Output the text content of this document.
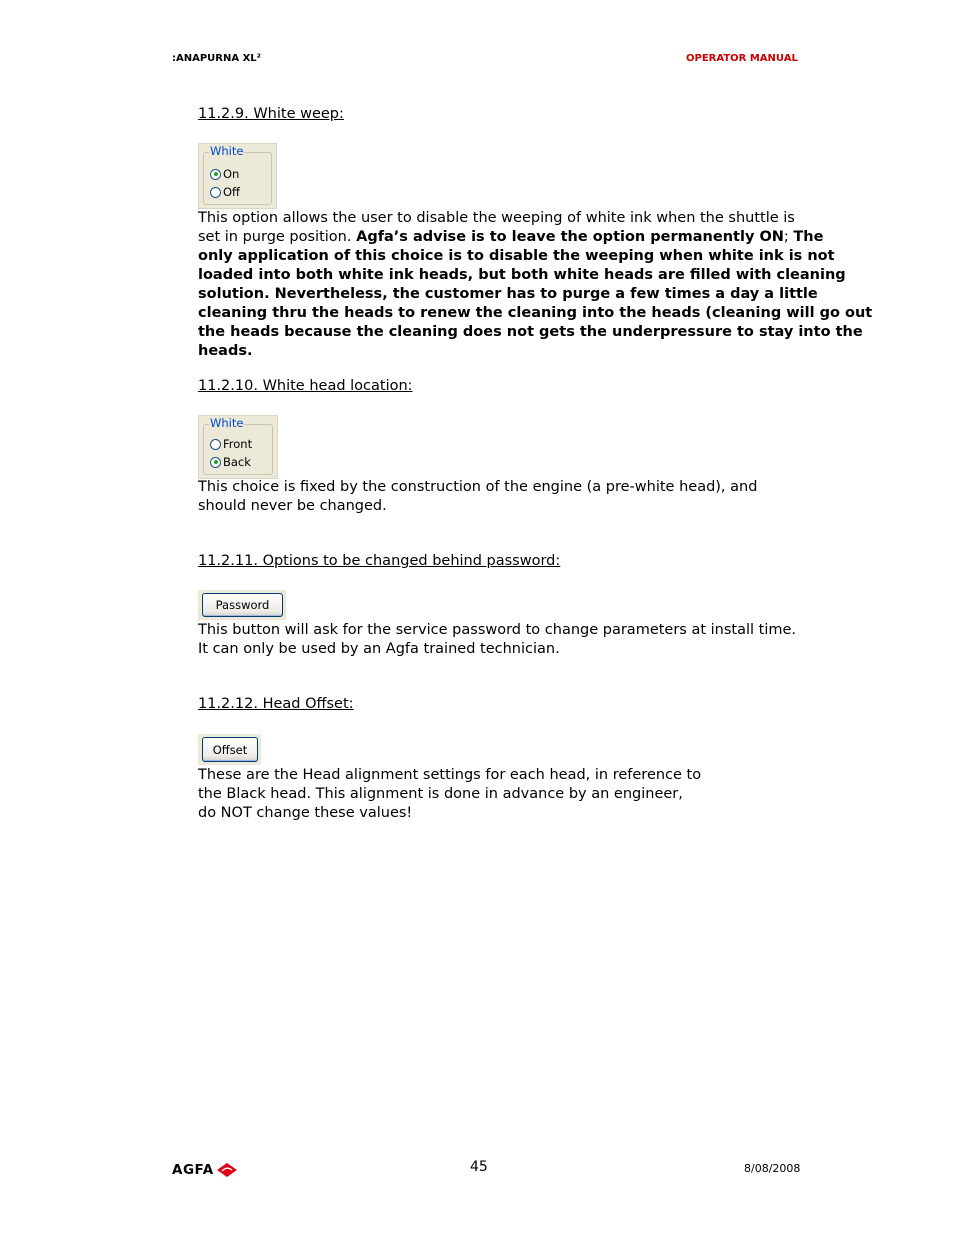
:ANAPURNA XL²	OPERATOR MANUAL
11.2.9. White weep:
White
On
Off
This option allows the user to disable the weeping of white ink when the shuttle is
set in purge position. Agfa’s advise is to leave the option permanently ON; The
only application of this choice is to disable the weeping when white ink is not
loaded into both white ink heads, but both white heads are filled with cleaning
solution. Nevertheless, the customer has to purge a few times a day a little
cleaning thru the heads to renew the cleaning into the heads (cleaning will go out
the heads because the cleaning does not gets the underpressure to stay into the
heads.
11.2.10. White head location:
White
Front
Back
This choice is fixed by the construction of the engine (a pre-white head), and
should never be changed.
11.2.11. Options to be changed behind password:
Password
This button will ask for the service password to change parameters at install time.
It can only be used by an Agfa trained technician.
11.2.12. Head Offset:
Offset
These are the Head alignment settings for each head, in reference to
the Black head. This alignment is done in advance by an engineer,
do NOT change these values!
AGFA	45	8/08/2008
